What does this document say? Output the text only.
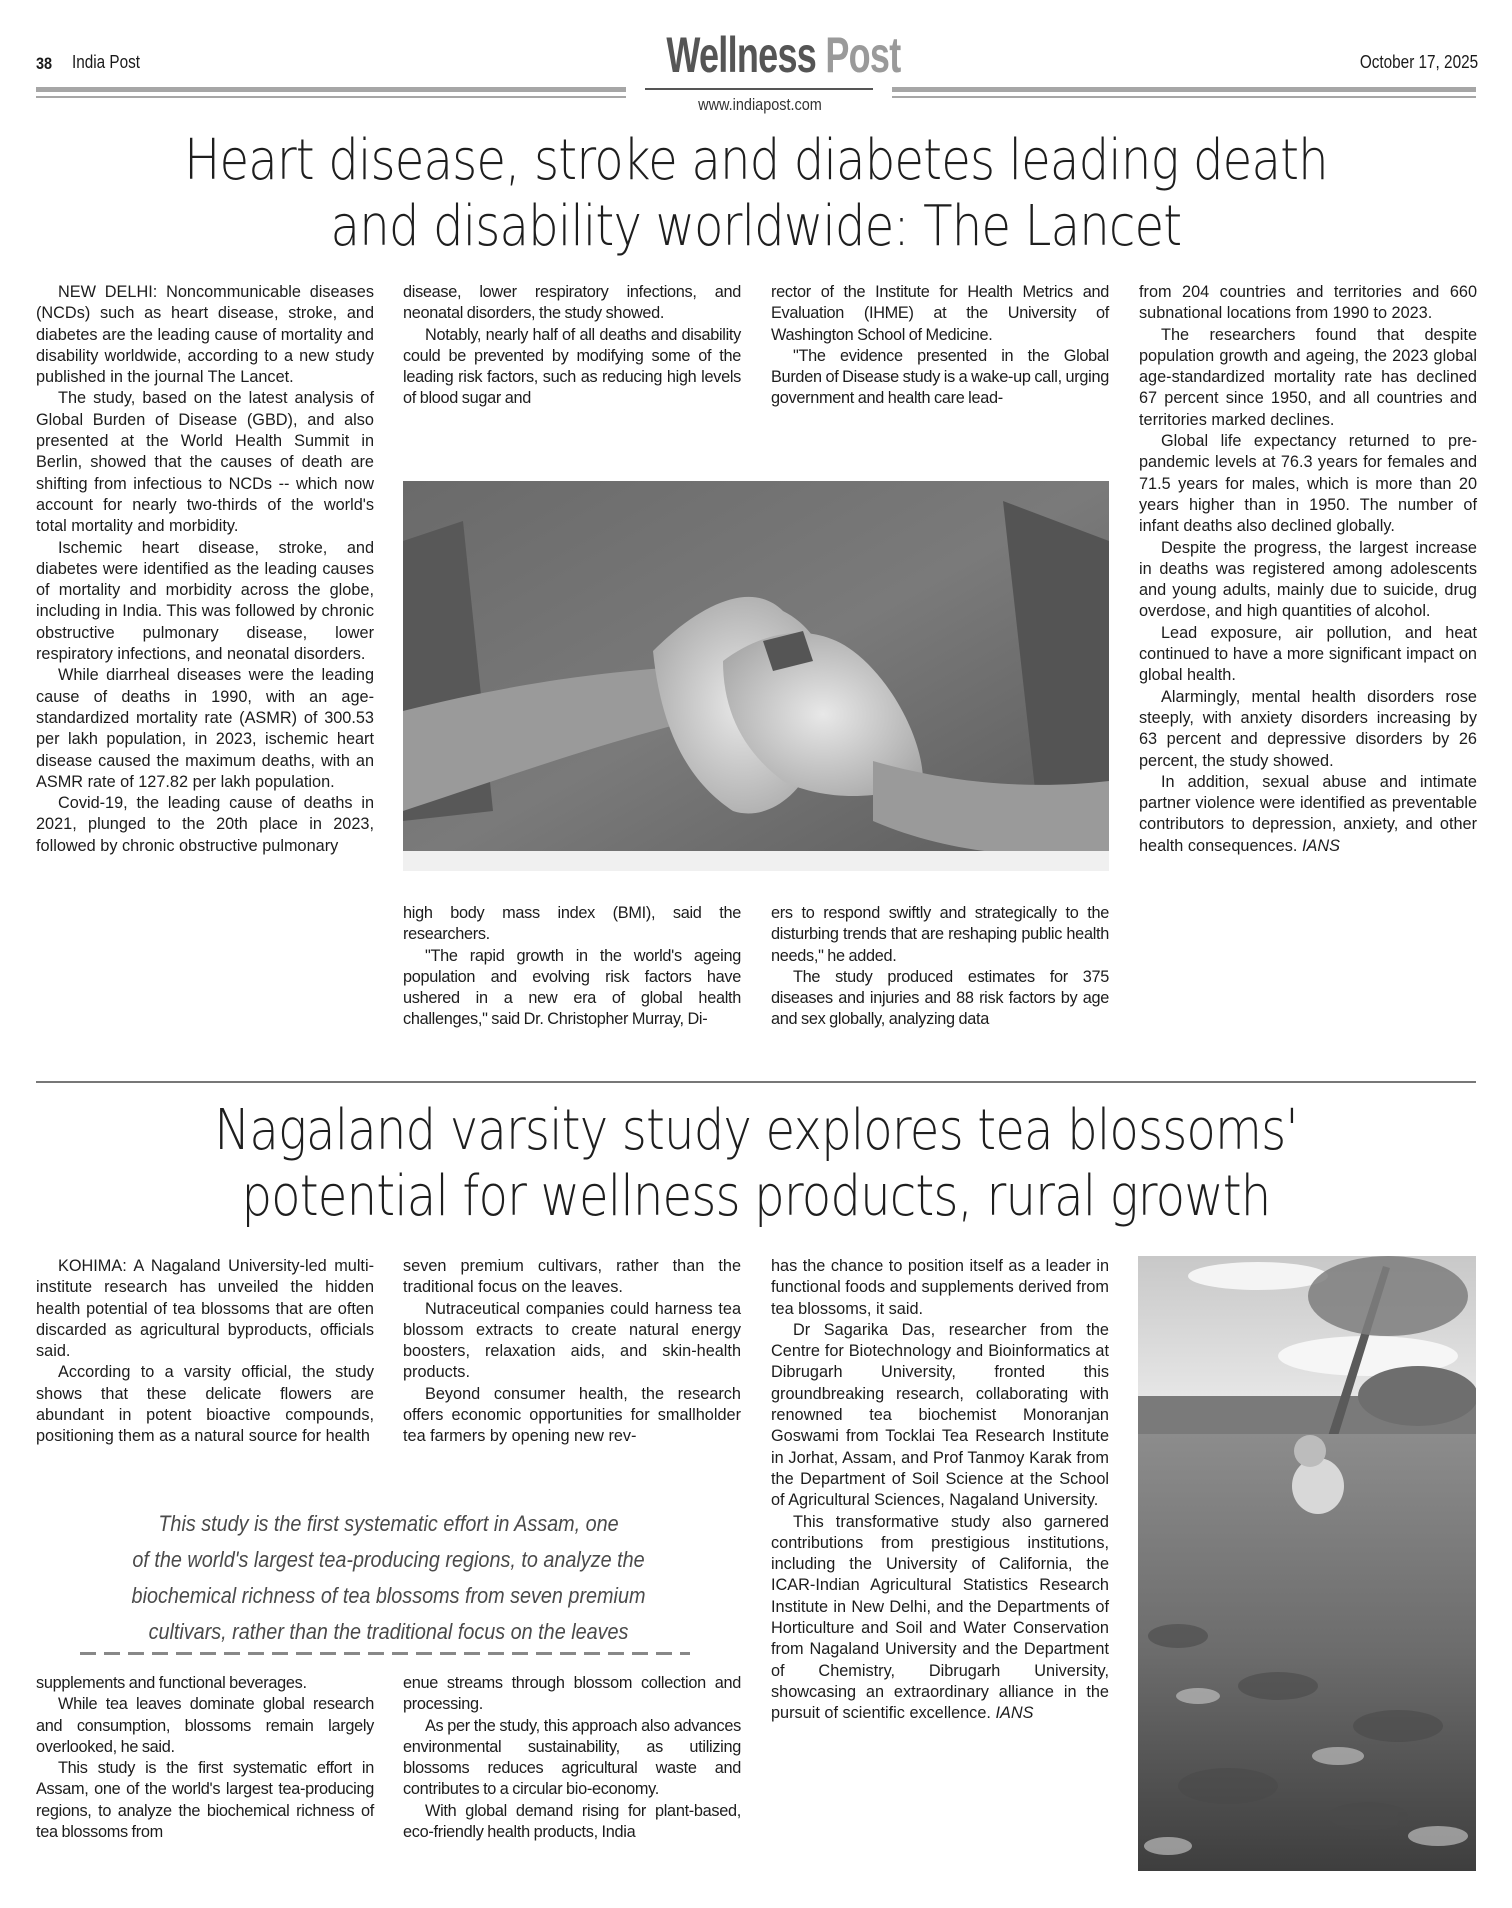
38 India Post	Wellness Post	October 17, 2025
www.indiapost.com
Heart disease, stroke and diabetes leading death
and disability worldwide: The Lancet

NEW DELHI: Noncommunicable diseases (NCDs) such as heart disease, stroke, and diabetes are the leading cause of mortality and disability worldwide, according to a new study published in the journal The Lancet.

The study, based on the latest analysis of Global Burden of Disease (GBD), and also presented at the World Health Summit in Berlin, showed that the causes of death are shifting from infectious to NCDs -- which now account for nearly two-thirds of the world's total mortality and morbidity.

Ischemic heart disease, stroke, and diabetes were identified as the leading causes of mortality and morbidity across the globe, including in India. This was followed by chronic obstructive pulmonary disease, lower respiratory infections, and neonatal disorders.

While diarrheal diseases were the leading cause of deaths in 1990, with an age-standardized mortality rate (ASMR) of 300.53 per lakh population, in 2023, ischemic heart disease caused the maximum deaths, with an ASMR rate of 127.82 per lakh population.

Covid-19, the leading cause of deaths in 2021, plunged to the 20th place in 2023, followed by chronic obstructive pulmonary

disease, lower respiratory infections, and neonatal disorders, the study showed.

Notably, nearly half of all deaths and disability could be prevented by modifying some of the leading risk factors, such as reducing high levels of blood sugar and

rector of the Institute for Health Metrics and Evaluation (IHME) at the University of Washington School of Medicine.

"The evidence presented in the Global Burden of Disease study is a wake-up call, urging government and health care lead-

high body mass index (BMI), said the researchers.

"The rapid growth in the world's ageing population and evolving risk factors have ushered in a new era of global health challenges," said Dr. Christopher Murray, Di-

ers to respond swiftly and strategically to the disturbing trends that are reshaping public health needs," he added.

The study produced estimates for 375 diseases and injuries and 88 risk factors by age and sex globally, analyzing data

from 204 countries and territories and 660 subnational locations from 1990 to 2023.

The researchers found that despite population growth and ageing, the 2023 global age-standardized mortality rate has declined 67 percent since 1950, and all countries and territories marked declines.

Global life expectancy returned to pre-pandemic levels at 76.3 years for females and 71.5 years for males, which is more than 20 years higher than in 1950. The number of infant deaths also declined globally.

Despite the progress, the largest increase in deaths was registered among adolescents and young adults, mainly due to suicide, drug overdose, and high quantities of alcohol.

Lead exposure, air pollution, and heat continued to have a more significant impact on global health.

Alarmingly, mental health disorders rose steeply, with anxiety disorders increasing by 63 percent and depressive disorders by 26 percent, the study showed.

In addition, sexual abuse and intimate partner violence were identified as preventable contributors to depression, anxiety, and other health consequences. IANS

Nagaland varsity study explores tea blossoms'
potential for wellness products, rural growth

KOHIMA: A Nagaland University-led multi-institute research has unveiled the hidden health potential of tea blossoms that are often discarded as agricultural byproducts, officials said.

According to a varsity official, the study shows that these delicate flowers are abundant in potent bioactive compounds, positioning them as a natural source for health

seven premium cultivars, rather than the traditional focus on the leaves.

Nutraceutical companies could harness tea blossom extracts to create natural energy boosters, relaxation aids, and skin-health products.

Beyond consumer health, the research offers economic opportunities for smallholder tea farmers by opening new rev-

This study is the first systematic effort in Assam, one
of the world's largest tea-producing regions, to analyze the
biochemical richness of tea blossoms from seven premium
cultivars, rather than the traditional focus on the leaves

supplements and functional beverages.

While tea leaves dominate global research and consumption, blossoms remain largely overlooked, he said.

This study is the first systematic effort in Assam, one of the world's largest tea-producing regions, to analyze the biochemical richness of tea blossoms from

enue streams through blossom collection and processing.

As per the study, this approach also advances environmental sustainability, as utilizing blossoms reduces agricultural waste and contributes to a circular bio-economy.

With global demand rising for plant-based, eco-friendly health products, India

has the chance to position itself as a leader in functional foods and supplements derived from tea blossoms, it said.

Dr Sagarika Das, researcher from the Centre for Biotechnology and Bioinformatics at Dibrugarh University, fronted this groundbreaking research, collaborating with renowned tea biochemist Monoranjan Goswami from Tocklai Tea Research Institute in Jorhat, Assam, and Prof Tanmoy Karak from the Department of Soil Science at the School of Agricultural Sciences, Nagaland University.

This transformative study also garnered contributions from prestigious institutions, including the University of California, the ICAR-Indian Agricultural Statistics Research Institute in New Delhi, and the Departments of Horticulture and Soil and Water Conservation from Nagaland University and the Department of Chemistry, Dibrugarh University, showcasing an extraordinary alliance in the pursuit of scientific excellence. IANS
